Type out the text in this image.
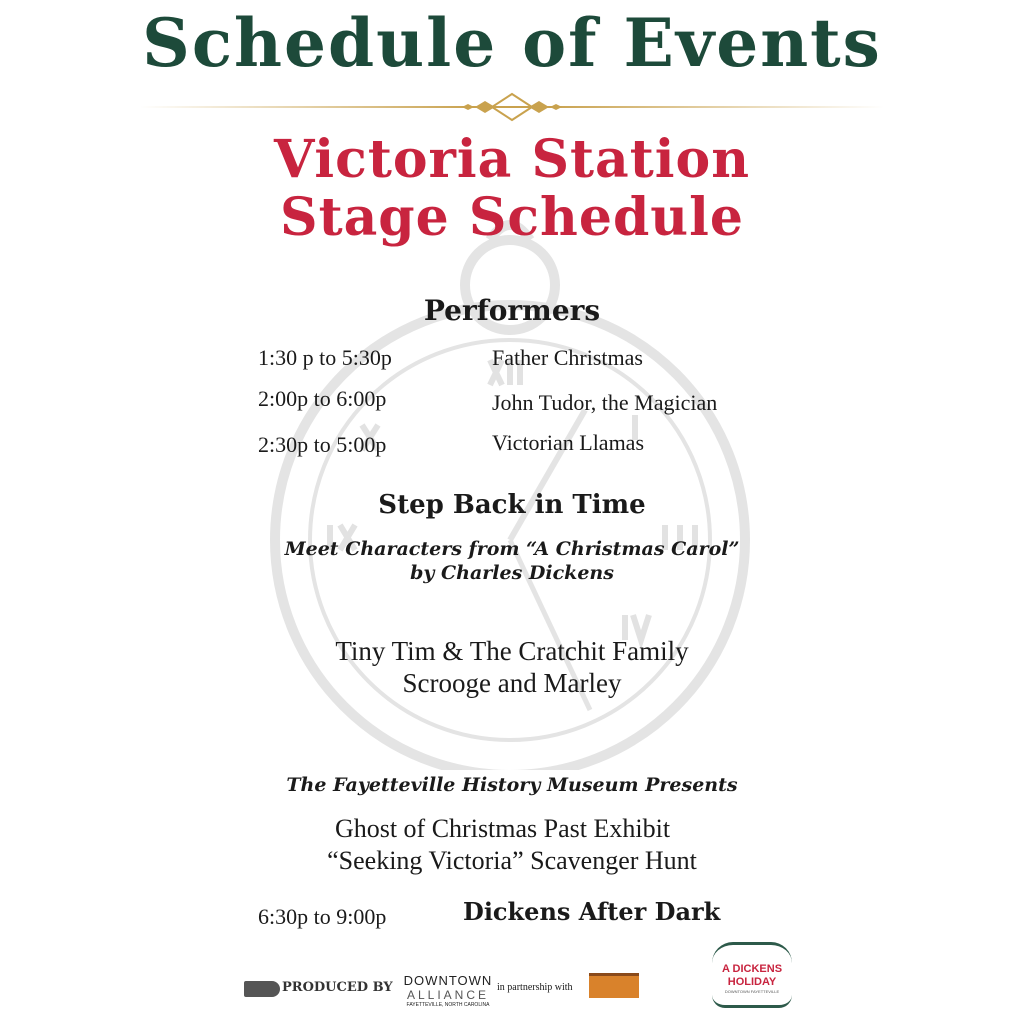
Schedule of Events
Victoria Station
Stage Schedule
Performers
1:30 p to 5:30p	Father Christmas
2:00p to 6:00p	John Tudor, the Magician
2:30p to 5:00p	Victorian Llamas
Step Back in Time
Meet Characters from “A Christmas Carol”
by Charles Dickens
Tiny Tim & The Cratchit Family
Scrooge and Marley
The Fayetteville History Museum Presents
Ghost of Christmas Past Exhibit
“Seeking Victoria” Scavenger Hunt
6:30p to 9:00p	Dickens After Dark
PRODUCED BY DOWNTOWN
ALLIANCE
FAYETTEVILLE, NORTH CAROLINA
in partnership with
A DICKENS
HOLIDAY
DOWNTOWN FAYETTEVILLE
